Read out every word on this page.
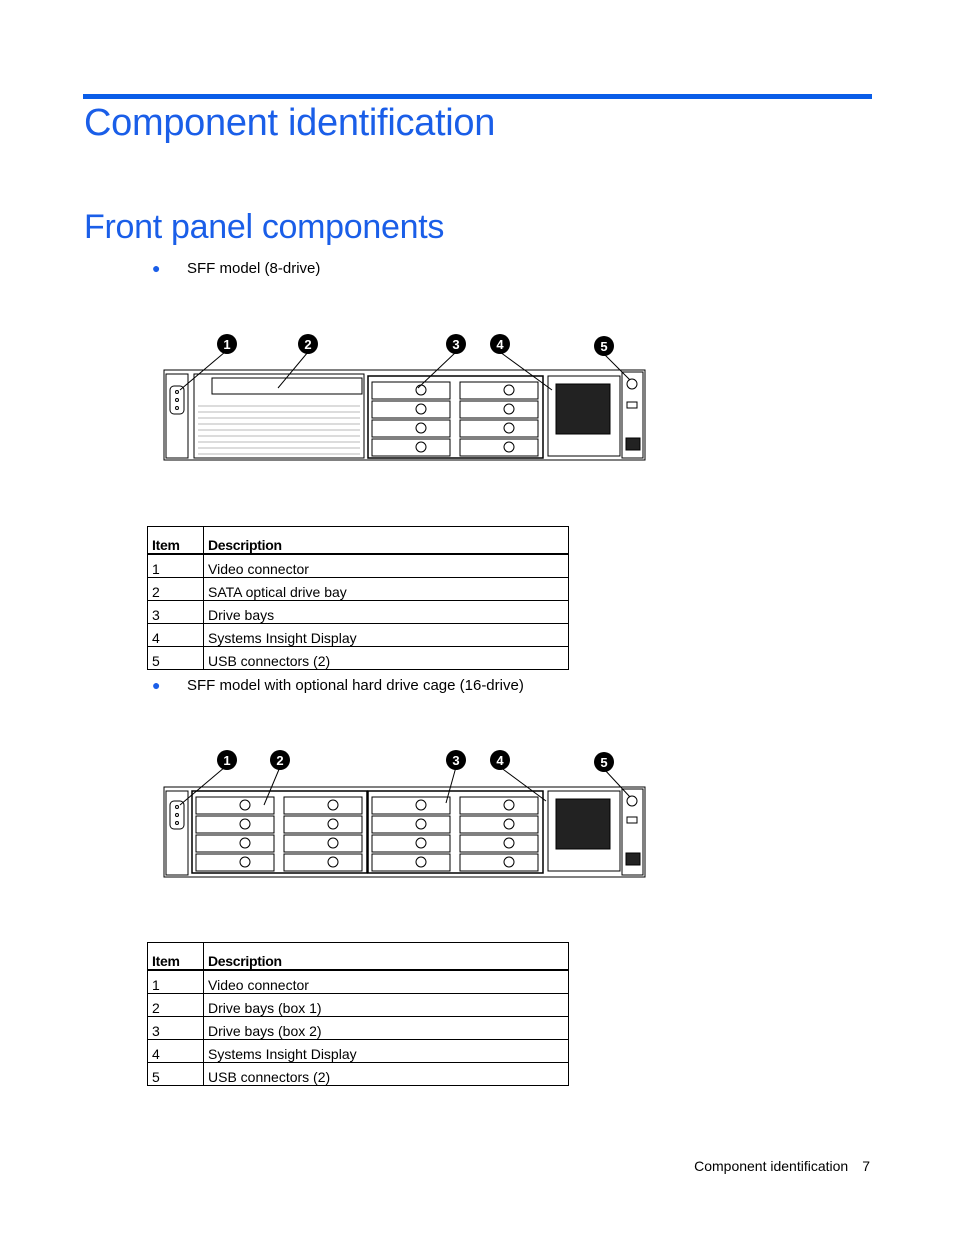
Component identification
Front panel components
● SFF model (8-drive)
1	2	3	4	5
Item	Description
1	Video connector
2	SATA optical drive bay
3	Drive bays
4	Systems Insight Display
5	USB connectors (2)
● SFF model with optional hard drive cage (16-drive)
1	2	3	4	5
Item	Description
1	Video connector
2	Drive bays (box 1)
3	Drive bays (box 2)
4	Systems Insight Display
5	USB connectors (2)
Component identification 7
